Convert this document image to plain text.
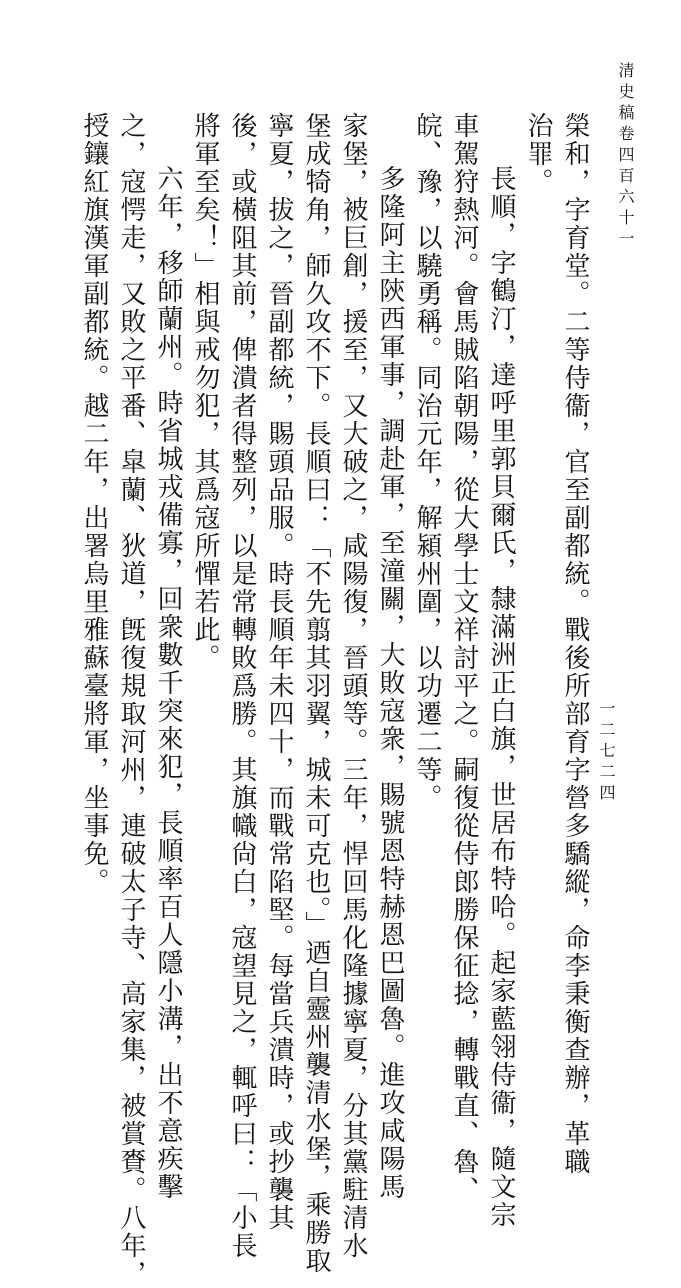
清史稿卷四百六十一
一二七二四
榮和，字育堂。二等侍衞，官至副都統。戰後所部育字營多驕縱，命李秉衡查辦，革職
治罪。
長順，字鶴汀，達呼里郭貝爾氏，隸滿洲正白旗，世居布特哈。起家藍翎侍衞，隨文宗
車駕狩熱河。會馬賊陷朝陽，從大學士文祥討平之。嗣復從侍郎勝保征捻，轉戰直、魯、
皖、豫，以驍勇稱。同治元年，解潁州圍，以功遷二等。
多隆阿主陝西軍事，調赴軍，至潼關，大敗寇衆，賜號恩特赫恩巴圖魯。進攻咸陽馬
家堡，被巨創，援至，又大破之，咸陽復，晉頭等。三年，悍回馬化隆據寧夏，分其黨駐清水
堡成犄角，師久攻不下。長順曰：「不先翦其羽翼，城未可克也。」迺自靈州襲清水堡，乘勝取
寧夏，拔之，晉副都統，賜頭品服。時長順年未四十，而戰常陷堅。每當兵潰時，或抄襲其
後，或橫阻其前，俾潰者得整列，以是常轉敗爲勝。其旗幟尙白，寇望見之，輒呼曰：「小長
將軍至矣！」相與戒勿犯，其爲寇所憚若此。
六年，移師蘭州。時省城戎備寡，回衆數千突來犯，長順率百人隱小溝，出不意疾擊
之，寇愕走，又敗之平番、皐蘭、狄道，旣復規取河州，連破太子寺、高家集，被賞賚。八年，
授鑲紅旗漢軍副都統。越二年，出署烏里雅蘇臺將軍，坐事免。
